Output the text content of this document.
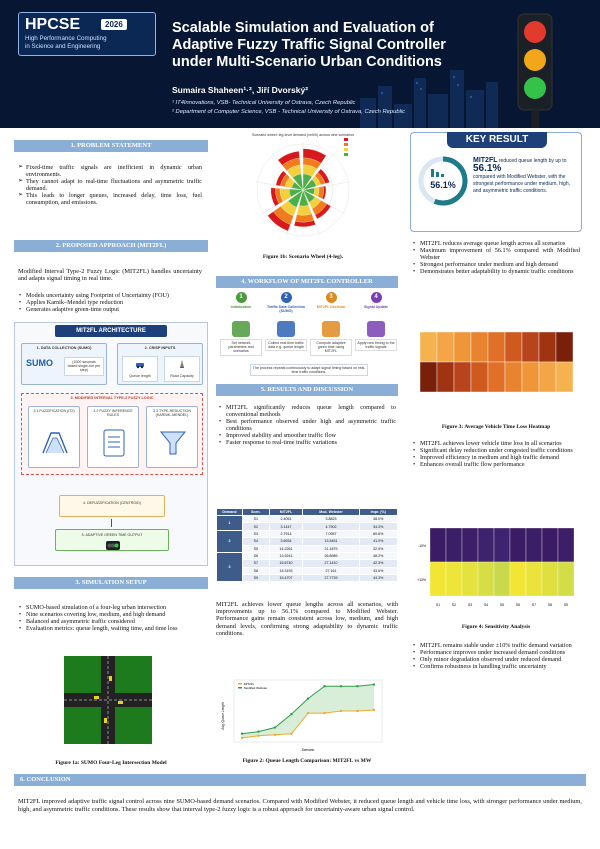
HPCSE	2026
High Performance Computing
in Science and Engineering
Scalable Simulation and Evaluation of
Adaptive Fuzzy Traffic Signal Controller
under Multi-Scenario Urban Conditions
Sumaira Shaheen¹·², Jiří Dvorský²
¹ IT4Innovations, VSB- Technical University of Ostrava, Czech Republic
² Department of Computer Science, VSB - Technical University of Ostrava, Czech Republic
1. PROBLEM STATEMENT
➢ Fixed-time traffic signals are inefficient in dynamic urban environments.
➢ They cannot adapt to real-time fluctuations and asymmetric traffic demand.
➢ This leads to longer queues, increased delay, time loss, fuel consumption, and emissions.
2. PROPOSED APPROACH (MIT2FL)
Modified Interval Type-2 Fuzzy Logic (MIT2FL) handles uncertainty and adapts signal timing in real time.
• Models uncertainty using Footprint of Uncertainty (FOU)
• Applies Karnik–Mendel type reduction
• Generates adaptive green-time output
MIT2FL ARCHITECTURE
1. DATA COLLECTION (SUMO)
SUMO	(1000 seconds based single-run per step)
2. CRISP INPUTS
Queue length	Road Capacity
3. MODIFIED INTERVAL TYPE-2 FUZZY LOGIC
3.1 FUZZIFICATION (IT2)	3.2 FUZZY INFERENCE RULES
3.3 TYPE-REDUCTION (KARNIK–MENDEL)
4. DEFUZZIFICATION (CENTROID)
5. ADAPTIVE GREEN TIME OUTPUT
3. SIMULATION SETUP
• SUMO-based simulation of a four-leg urban intersection
• Nine scenarios covering low, medium, and high demand
• Balanced and asymmetric traffic considered
• Evaluation metrics: queue length, waiting time, and time loss
Figure 1a: SUMO Four-Leg Intersection Model
Scenario wheel: leg-level demand (veh/h) across nine scenarios
Figure 1b: Scenario Wheel (4-leg).
4. WORKFLOW OF MIT2FL CONTROLLER
1
Initialization
Set network parameters and scenarios
2
Traffic Data Collection (SUMO)
Collect real-time traffic data e.g. queue length
3
MIT2FL Decision
Compute adaptive green time using MIT2FL
4
Signal Update
Apply new timing to the traffic signals
The process repeats continuously to adapt signal timing based on real-time traffic conditions.
5. RESULTS AND DISCUSSION
• MIT2FL significantly reduces queue length compared to conventional methods
• Best performance observed under high and asymmetric traffic conditions
• Improved stability and smoother traffic flow
• Faster response to real-time traffic variations
Demand	Scen.	MIT2FL	Mod. Webster	Impr. (%)
1	S1	2.4051	3.8823	38.0%
	S2	3.1447	4.7902	34.3%
2	S3	2.7914	7.0957	60.6%
	S4	3.6934	13.5451	41.0%
	S5	14.2261	21.1879	32.9%
3	S6	13.9241	26.8989	48.2%
	S7	15.6740	27.1410	42.3%
	S8	15.3193	27.161	43.6%
	S9	15.4707	27.7739	44.3%
MIT2FL achieves lower queue lengths across all scenarios, with improvements up to 56.1% compared to Modified Webster. Performance gains remain consistent across low, medium, and high demand levels, confirming strong adaptability to dynamic traffic conditions.
Avg. Queue Length
Scenario
MIT2FL
Modified Webster
Figure 2: Queue Length Comparison: MIT2FL vs MW
KEY RESULT
56.1%
MIT2FL reduced queue length by up to 56.1%
compared with Modified Webster, with the strongest performance under medium, high, and asymmetric traffic conditions.
• MIT2FL reduces average queue length across all scenarios
• Maximum improvement of 56.1% compared with Modified Webster
• Strongest performance under medium and high demand
• Demonstrates better adaptability to dynamic traffic conditions
Figure 3: Average Vehicle Time Loss Heatmap
• MIT2FL achieves lower vehicle time loss in all scenarios
• Significant delay reduction under congested traffic conditions
• Improved efficiency in medium and high traffic demand
• Enhances overall traffic flow performance
-10%
+10%
S1	S2	S3	S4	S5	S6	S7	S8	S9
Figure 4: Sensitivity Analysis
• MIT2FL remains stable under ±10% traffic demand variation
• Performance improves under increased demand conditions
• Only minor degradation observed under reduced demand
• Confirms robustness in handling traffic uncertainty
6. CONCLUSION
MIT2FL improved adaptive traffic signal control across nine SUMO-based demand scenarios. Compared with Modified Webster, it reduced queue length and vehicle time loss, with stronger performance under medium, high, and asymmetric traffic conditions. These results show that interval type-2 fuzzy logic is a robust approach for uncertainty-aware urban signal control.
